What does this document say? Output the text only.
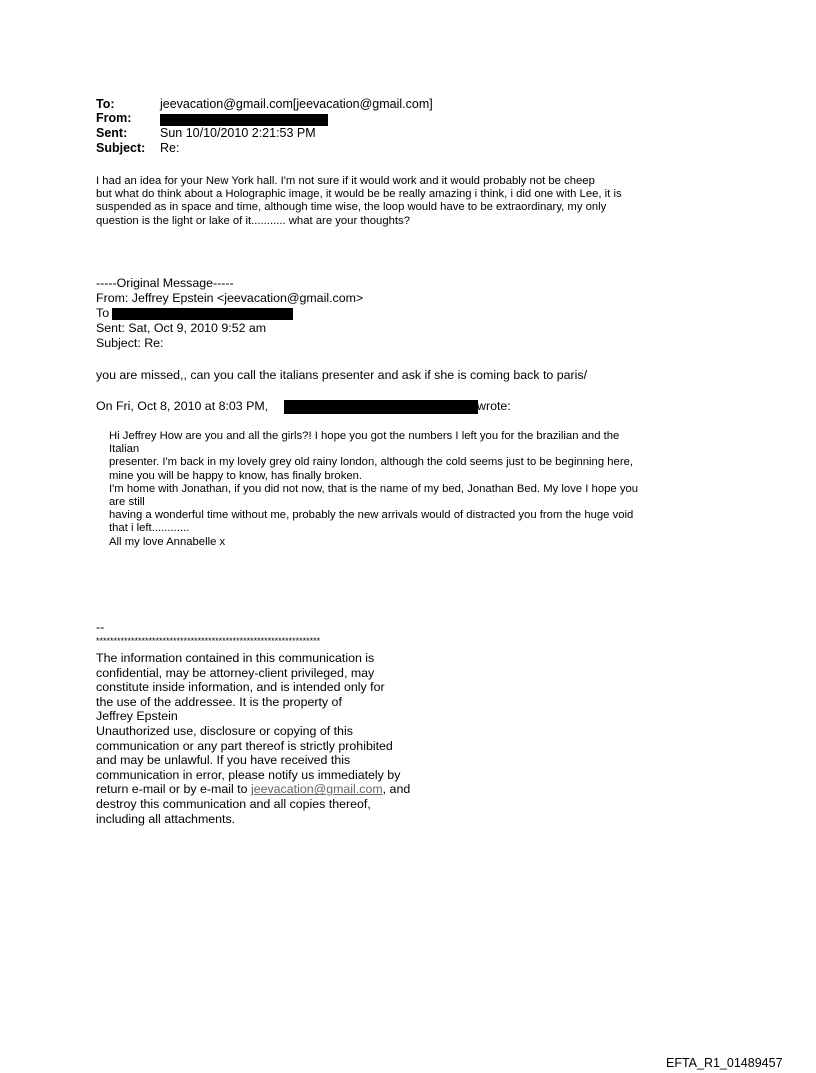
To:	jeevacation@gmail.com[jeevacation@gmail.com]
From:
Sent:	Sun 10/10/2010 2:21:53 PM
Subject: Re:
I had an idea for your New York hall. I'm not sure if it would work and it would probably not be cheep
but what do think about a Holographic image, it would be be really amazing i think, i did one with Lee, it is
suspended as in space and time, although time wise, the loop would have to be extraordinary, my only
question is the light or lake of it........... what are your thoughts?
-----Original Message-----
From: Jeffrey Epstein <jeevacation@gmail.com>
To
Sent: Sat, Oct 9, 2010 9:52 am
Subject: Re:
you are missed,, can you call the italians presenter and ask if she is coming back to paris/
On Fri, Oct 8, 2010 at 8:03 PM,	wrote:
Hi Jeffrey How are you and all the girls?! I hope you got the numbers I left you for the brazilian and the
Italian
presenter. I'm back in my lovely grey old rainy london, although the cold seems just to be beginning here,
mine you will be happy to know, has finally broken.
I'm home with Jonathan, if you did not now, that is the name of my bed, Jonathan Bed. My love I hope you
are still
having a wonderful time without me, probably the new arrivals would of distracted you from the huge void
that i left............
All my love Annabelle x
--
****************************************************************
The information contained in this communication is
confidential, may be attorney-client privileged, may
constitute inside information, and is intended only for
the use of the addressee. It is the property of
Jeffrey Epstein
Unauthorized use, disclosure or copying of this
communication or any part thereof is strictly prohibited
and may be unlawful. If you have received this
communication in error, please notify us immediately by
return e-mail or by e-mail to jeevacation@gmail.com, and
destroy this communication and all copies thereof,
including all attachments.
EFTA_R1_01489457
